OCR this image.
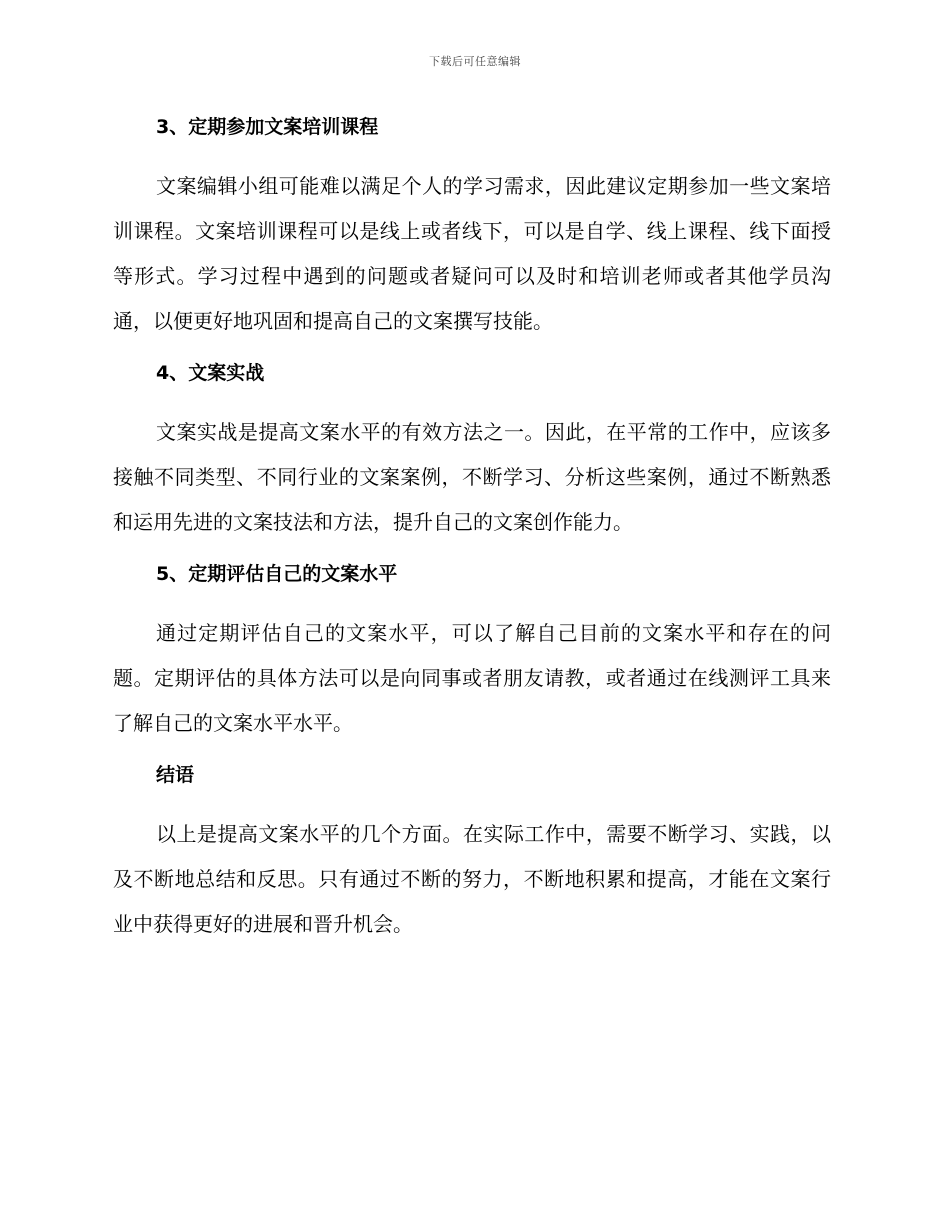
下载后可任意编辑
3、定期参加文案培训课程

文案编辑小组可能难以满足个人的学习需求，因此建议定期参加一些文案培训课程。文案培训课程可以是线上或者线下，可以是自学、线上课程、线下面授等形式。学习过程中遇到的问题或者疑问可以及时和培训老师或者其他学员沟通，以便更好地巩固和提高自己的文案撰写技能。

4、文案实战

文案实战是提高文案水平的有效方法之一。因此，在平常的工作中，应该多接触不同类型、不同行业的文案案例，不断学习、分析这些案例，通过不断熟悉和运用先进的文案技法和方法，提升自己的文案创作能力。

5、定期评估自己的文案水平

通过定期评估自己的文案水平，可以了解自己目前的文案水平和存在的问题。定期评估的具体方法可以是向同事或者朋友请教，或者通过在线测评工具来了解自己的文案水平水平。

结语

以上是提高文案水平的几个方面。在实际工作中，需要不断学习、实践，以及不断地总结和反思。只有通过不断的努力，不断地积累和提高，才能在文案行业中获得更好的进展和晋升机会。
